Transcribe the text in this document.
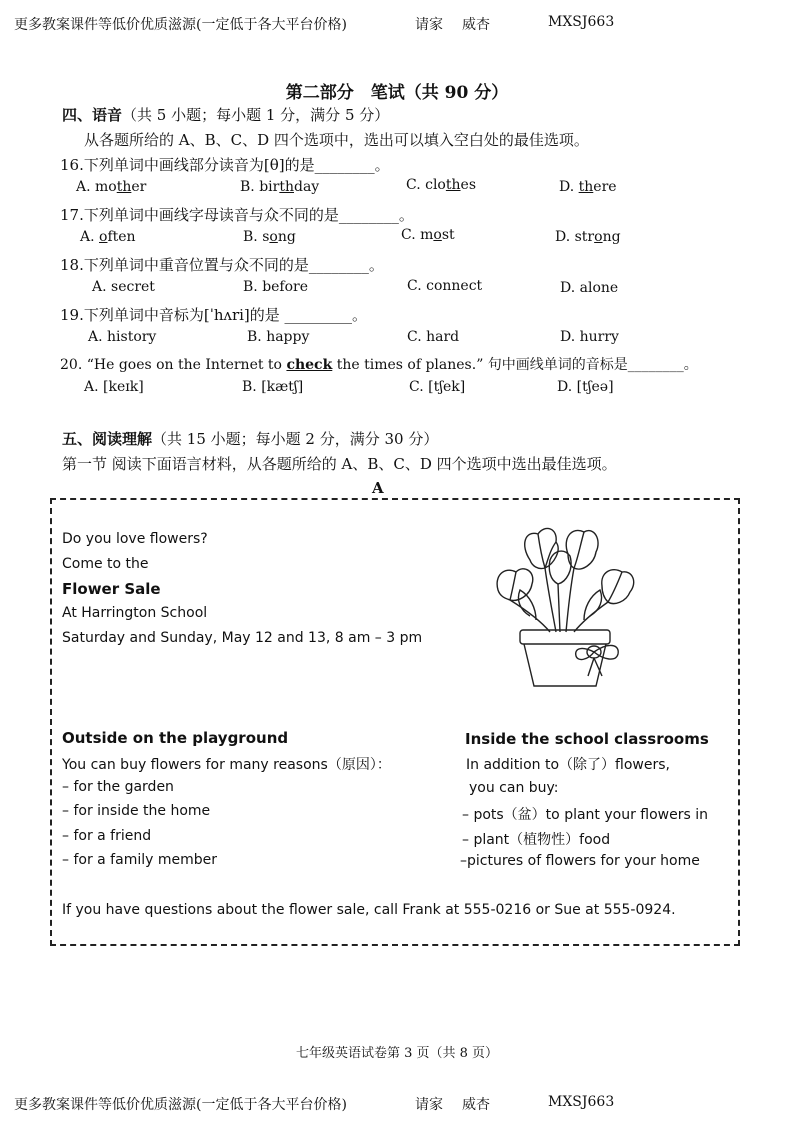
更多教案课件等低价优质滋源(一定低于各大平台价格)	请家 威杏	MXSJ663
第二部分　笔试（共 90 分）
四、语音（共 5 小题；每小题 1 分，满分 5 分）
从各题所给的 A、B、C、D 四个选项中，选出可以填入空白处的最佳选项。
16.下列单词中画线部分读音为[θ]的是________。
A. mother	B. birthday	C. clothes	D. there
17.下列单词中画线字母读音与众不同的是________。
A. often	B. song	C. most	D. strong
18.下列单词中重音位置与众不同的是________。
A. secret	B. before	C. connect	D. alone
19.下列单词中音标为[ˈhʌri]的是 _________。
A. history	B. happy	C. hard	D. hurry
20. “He goes on the Internet to check the times of planes.” 句中画线单词的音标是________。
A. [keɪk]	B. [kætʃ]	C. [tʃek]	D. [tʃeə]
五、阅读理解（共 15 小题；每小题 2 分，满分 30 分）
第一节 阅读下面语言材料，从各题所给的 A、B、C、D 四个选项中选出最佳选项。
A
Do you love flowers?
Come to the
Flower Sale
At Harrington School
Saturday and Sunday, May 12 and 13, 8 am – 3 pm
Outside on the playground
You can buy flowers for many reasons（原因）：
– for the garden
– for inside the home
– for a friend
– for a family member
Inside the school classrooms
In addition to（除了）flowers,
you can buy:
– pots（盆）to plant your flowers in
– plant（植物性）food
–pictures of flowers for your home
If you have questions about the flower sale, call Frank at 555-0216 or Sue at 555-0924.
七年级英语试卷第 3 页（共 8 页）
更多教案课件等低价优质滋源(一定低于各大平台价格)	请家 威杏	MXSJ663
